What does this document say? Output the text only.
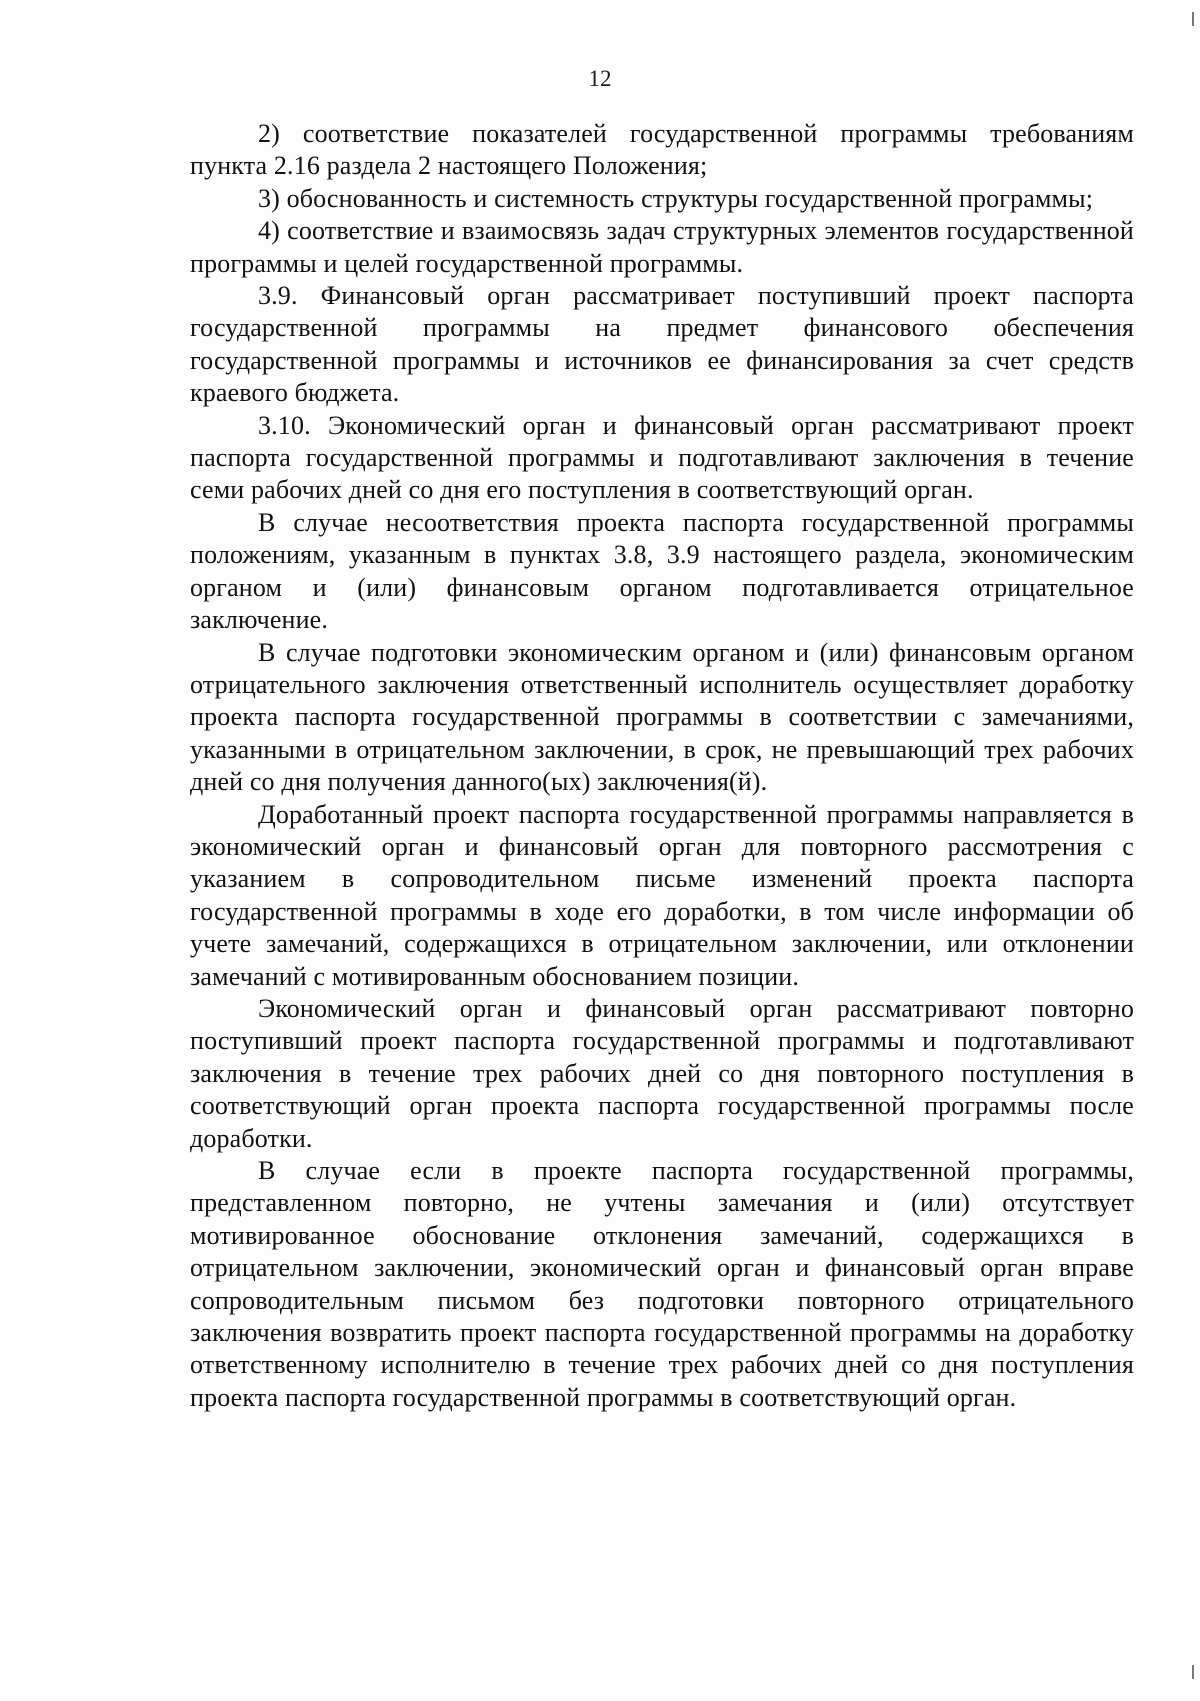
12

2) соответствие показателей государственной программы требованиям пункта 2.16 раздела 2 настоящего Положения;

3) обоснованность и системность структуры государственной программы;

4) соответствие и взаимосвязь задач структурных элементов государственной программы и целей государственной программы.

3.9. Финансовый орган рассматривает поступивший проект паспорта государственной программы на предмет финансового обеспечения государственной программы и источников ее финансирования за счет средств краевого бюджета.

3.10. Экономический орган и финансовый орган рассматривают проект паспорта государственной программы и подготавливают заключения в течение семи рабочих дней со дня его поступления в соответствующий орган.

В случае несоответствия проекта паспорта государственной программы положениям, указанным в пунктах 3.8, 3.9 настоящего раздела, экономическим органом и (или) финансовым органом подготавливается отрицательное заключение.

В случае подготовки экономическим органом и (или) финансовым органом отрицательного заключения ответственный исполнитель осуществляет доработку проекта паспорта государственной программы в соответствии с замечаниями, указанными в отрицательном заключении, в срок, не превышающий трех рабочих дней со дня получения данного(ых) заключения(й).

Доработанный проект паспорта государственной программы направляется в экономический орган и финансовый орган для повторного рассмотрения с указанием в сопроводительном письме изменений проекта паспорта государственной программы в ходе его доработки, в том числе информации об учете замечаний, содержащихся в отрицательном заключении, или отклонении замечаний с мотивированным обоснованием позиции.

Экономический орган и финансовый орган рассматривают повторно поступивший проект паспорта государственной программы и подготавливают заключения в течение трех рабочих дней со дня повторного поступления в соответствующий орган проекта паспорта государственной программы после доработки.

В случае если в проекте паспорта государственной программы, представленном повторно, не учтены замечания и (или) отсутствует мотивированное обоснование отклонения замечаний, содержащихся в отрицательном заключении, экономический орган и финансовый орган вправе сопроводительным письмом без подготовки повторного отрицательного заключения возвратить проект паспорта государственной программы на доработку ответственному исполнителю в течение трех рабочих дней со дня поступления проекта паспорта государственной программы в соответствующий орган.
